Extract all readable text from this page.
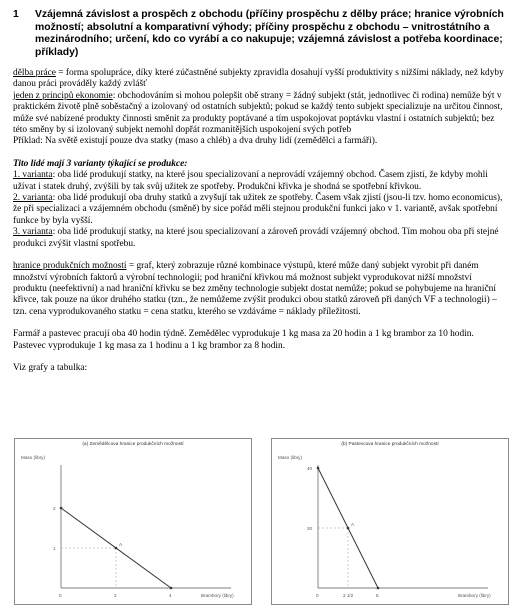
1 Vzájemná závislost a prospěch z obchodu (příčiny prospěchu z dělby práce; hranice výrobních možností; absolutní a komparativní výhody; příčiny prospěchu z obchodu – vnitrostátního a mezinárodního; určení, kdo co vyrábí a co nakupuje; vzájemná závislost a potřeba koordinace; příklady)

dělba práce = forma spolupráce, díky které zúčastněné subjekty zpravidla dosahují vyšší produktivity s nižšími náklady, než kdyby danou práci prováděly každý zvlášť

jeden z principů ekonomie: obchodováním si mohou polepšit obě strany = žádný subjekt (stát, jednotlivec či rodina) nemůže být v praktickém životě plně soběstačný a izolovaný od ostatních subjektů; pokud se každý tento subjekt specializuje na určitou činnost, může své nabízené produkty činnosti směnit za produkty poptávané a tím uspokojovat poptávku vlastní i ostatních subjektů; bez této směny by si izolovaný subjekt nemohl dopřát rozmanitějších uspokojení svých potřeb

Příklad: Na světě existují pouze dva statky (maso a chléb) a dva druhy lidí (zemědělci a farmáři).

Tito lidé mají 3 varianty týkající se produkce:

1. varianta: oba lidé produkují statky, na které jsou specializovaní a neprovádí vzájemný obchod. Časem zjistí, že kdyby mohli užívat i statek druhý, zvýšili by tak svůj užitek ze spotřeby. Produkční křivka je shodná se spotřební křivkou.

2. varianta: oba lidé produkují oba druhy statků a zvyšují tak užitek ze spotřeby. Časem však zjistí (jsou-li tzv. homo economicus), že při specializaci a vzájemném obchodu (směně) by sice pořád měli stejnou produkční funkci jako v 1. variantě, avšak spotřební funkce by byla vyšší.

3. varianta: oba lidé produkují statky, na které jsou specializovaní a zároveň provádí vzájemný obchod. Tím mohou oba při stejné produkci zvýšit vlastní spotřebu.

hranice produkčních možností = graf, který zobrazuje různé kombinace výstupů, které může daný subjekt vyrobit při daném množství výrobních faktorů a výrobní technologii; pod hraniční křivkou má možnost subjekt vyprodukovat nižší množství produktu (neefektivní) a nad hraniční křivku se bez změny technologie subjekt dostat nemůže; pokud se pohybujeme na hraniční křivce, tak pouze na úkor druhého statku (tzn., že nemůžeme zvýšit produkci obou statků zároveň při daných VF a technologii) – tzn. cena vyprodukovaného statku = cena statku, kterého se vzdáváme = náklady příležitosti.

Farmář a pastevec pracují oba 40 hodin týdně. Zemědělec vyprodukuje 1 kg masa za 20 hodin a 1 kg brambor za 10 hodin. Pastevec vyprodukuje 1 kg masa za 1 hodinu a 1 kg brambor za 8 hodin.

Viz grafy a tabulka:

(a) Zemědělcova hranice produkčních možností
Maso (libry)
A
2
1
0	2	4	Brambory (libry)
(b) Pastevcova hranice produkčních možností
Maso (libry)
A
40
20
0	2 1/2	5	Brambory (libry)
